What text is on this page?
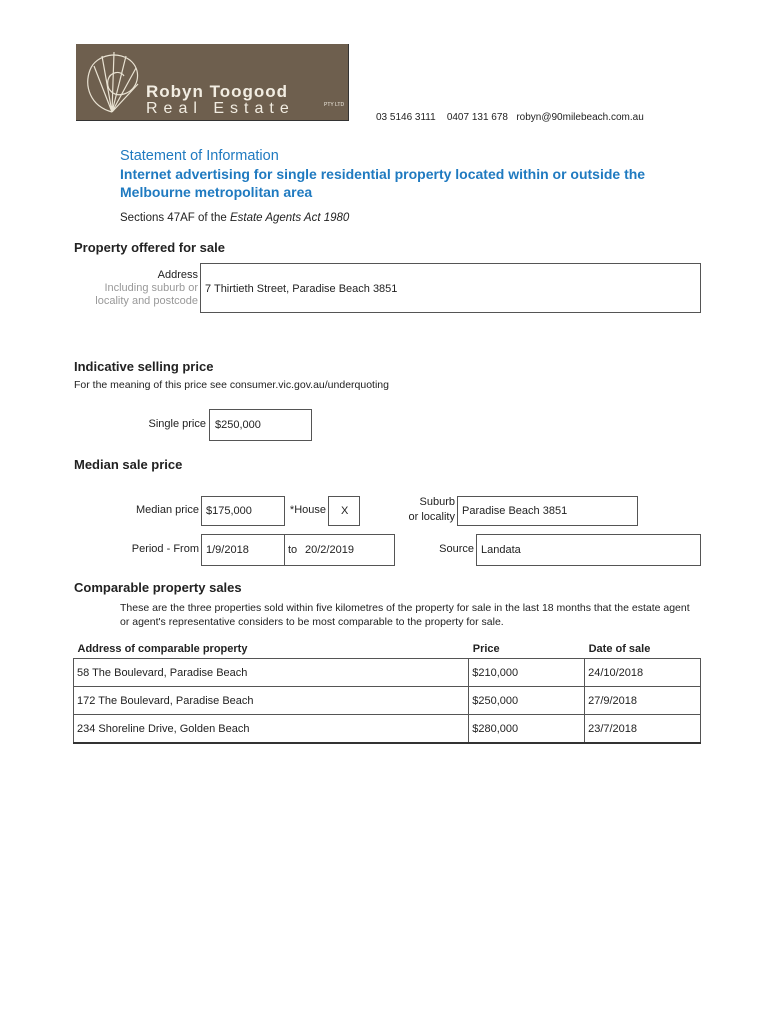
Robyn Toogood
Real Estate	PTY LTD
03 5146 3111 0407 131 678 robyn@90milebeach.com.au
Statement of Information
Internet advertising for single residential property located within or outside the Melbourne metropolitan area
Sections 47AF of the Estate Agents Act 1980
Property offered for sale
Address
Including suburb or
locality and postcode
7 Thirtieth Street, Paradise Beach 3851
Indicative selling price
For the meaning of this price see consumer.vic.gov.au/underquoting
Single price $250,000
Median sale price
Median price $175,000	*House X
Suburb
or locality Paradise Beach 3851
Period - From 1/9/2018	to 20/2/2019	Source Landata
Comparable property sales
These are the three properties sold within five kilometres of the property for sale in the last 18 months that the estate agent or agent's representative considers to be most comparable to the property for sale.
Address of comparable property	Price	Date of sale
58 The Boulevard, Paradise Beach	$210,000	24/10/2018
172 The Boulevard, Paradise Beach	$250,000	27/9/2018
234 Shoreline Drive, Golden Beach	$280,000	23/7/2018
